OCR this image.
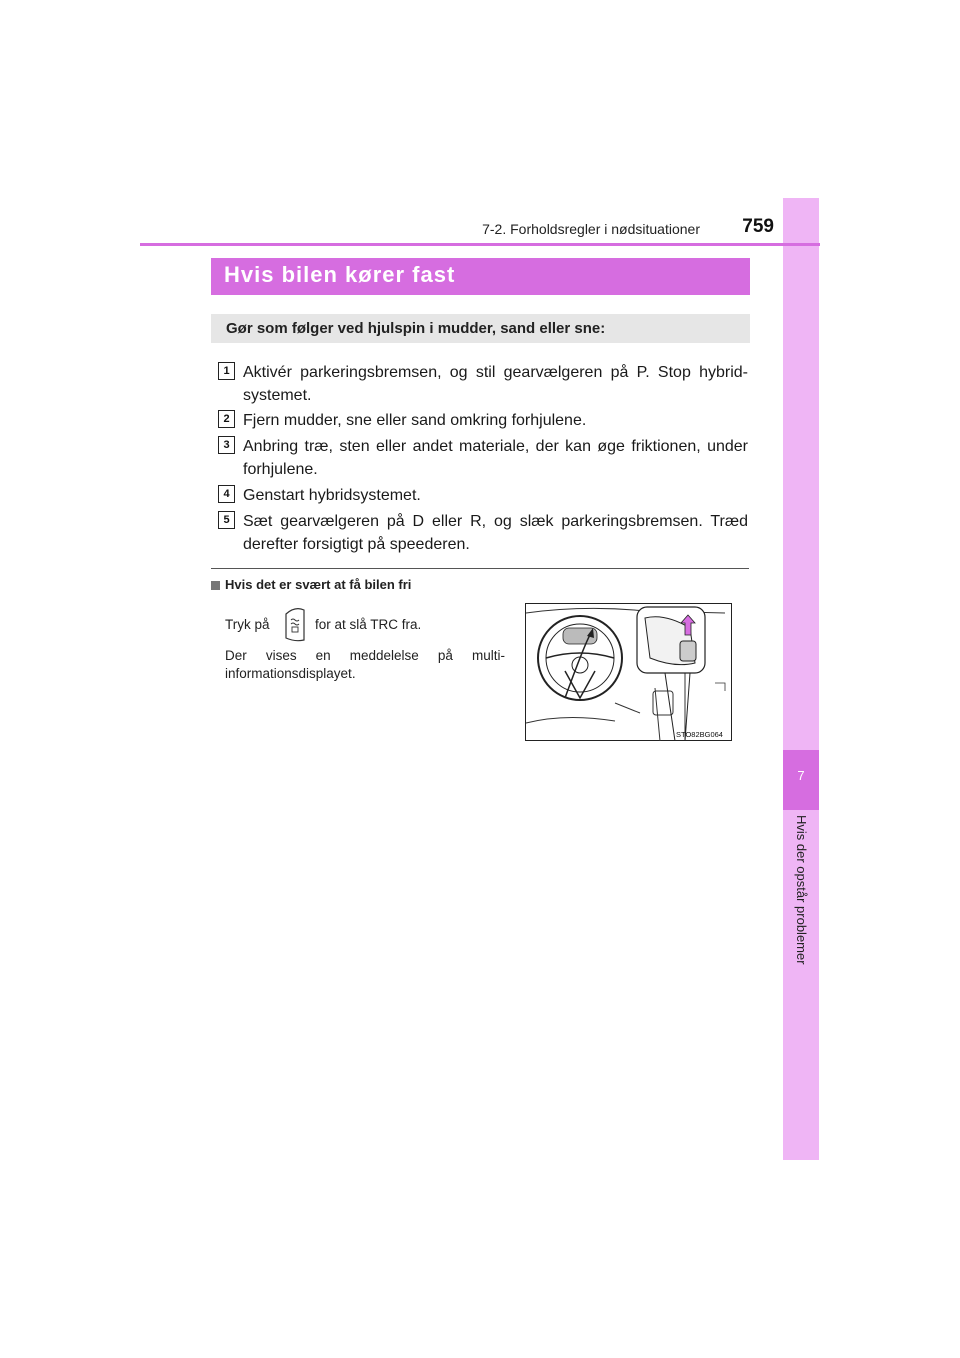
7
Hvis der opstår problemer
7-2. Forholdsregler i nødsituationer	759
Hvis bilen kører fast
Gør som følger ved hjulspin i mudder, sand eller sne:
1 Aktivér parkeringsbremsen, og stil gearvælgeren på P. Stop hybrid-systemet.
2 Fjern mudder, sne eller sand omkring forhjulene.
3 Anbring træ, sten eller andet materiale, der kan øge friktionen, under forhjulene.
4 Genstart hybridsystemet.
5 Sæt gearvælgeren på D eller R, og slæk parkeringsbremsen. Træd derefter forsigtigt på speederen.
Hvis det er svært at få bilen fri
Tryk på	for at slå TRC fra.
Der vises en meddelelse på multi-informationsdisplayet.
STO82BG064
